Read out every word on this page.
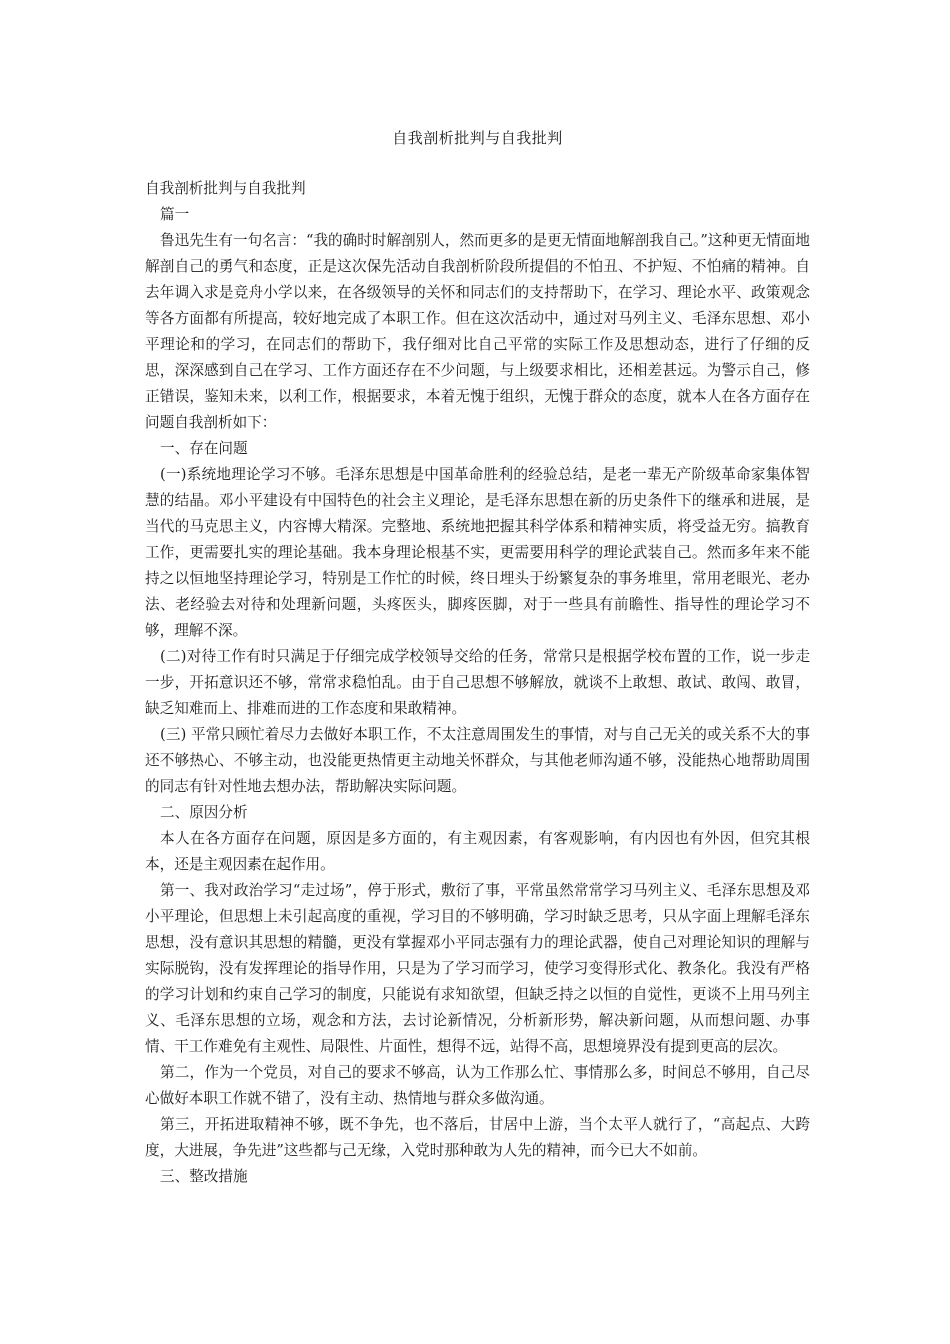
自我剖析批判与自我批判

自我剖析批判与自我批判

篇一

鲁迅先生有一句名言：“我的确时时解剖别人，然而更多的是更无情面地解剖我自己。”这种更无情面地解剖自己的勇气和态度，正是这次保先活动自我剖析阶段所提倡的不怕丑、不护短、不怕痛的精神。自去年调入求是竞舟小学以来，在各级领导的关怀和同志们的支持帮助下，在学习、理论水平、政策观念等各方面都有所提高，较好地完成了本职工作。但在这次活动中，通过对马列主义、毛泽东思想、邓小平理论和的学习，在同志们的帮助下，我仔细对比自己平常的实际工作及思想动态，进行了仔细的反思，深深感到自己在学习、工作方面还存在不少问题，与上级要求相比，还相差甚远。为警示自己，修正错误，鉴知未来，以利工作，根据要求，本着无愧于组织，无愧于群众的态度，就本人在各方面存在问题自我剖析如下：

一、存在问题

(一)系统地理论学习不够。毛泽东思想是中国革命胜利的经验总结，是老一辈无产阶级革命家集体智慧的结晶。邓小平建设有中国特色的社会主义理论，是毛泽东思想在新的历史条件下的继承和进展，是当代的马克思主义，内容博大精深。完整地、系统地把握其科学体系和精神实质，将受益无穷。搞教育工作，更需要扎实的理论基础。我本身理论根基不实，更需要用科学的理论武装自己。然而多年来不能持之以恒地坚持理论学习，特别是工作忙的时候，终日埋头于纷繁复杂的事务堆里，常用老眼光、老办法、老经验去对待和处理新问题，头疼医头，脚疼医脚，对于一些具有前瞻性、指导性的理论学习不够，理解不深。

(二)对待工作有时只满足于仔细完成学校领导交给的任务，常常只是根据学校布置的工作，说一步走一步，开拓意识还不够，常常求稳怕乱。由于自己思想不够解放，就谈不上敢想、敢试、敢闯、敢冒，缺乏知难而上、排难而进的工作态度和果敢精神。

(三) 平常只顾忙着尽力去做好本职工作，不太注意周围发生的事情，对与自己无关的或关系不大的事还不够热心、不够主动，也没能更热情更主动地关怀群众，与其他老师沟通不够，没能热心地帮助周围的同志有针对性地去想办法，帮助解决实际问题。

二、原因分析

本人在各方面存在问题，原因是多方面的，有主观因素，有客观影响，有内因也有外因，但究其根本，还是主观因素在起作用。

第一、我对政治学习“走过场”，停于形式，敷衍了事，平常虽然常常学习马列主义、毛泽东思想及邓小平理论，但思想上未引起高度的重视，学习目的不够明确，学习时缺乏思考，只从字面上理解毛泽东思想，没有意识其思想的精髓，更没有掌握邓小平同志强有力的理论武器，使自己对理论知识的理解与实际脱钩，没有发挥理论的指导作用，只是为了学习而学习，使学习变得形式化、教条化。我没有严格的学习计划和约束自己学习的制度，只能说有求知欲望，但缺乏持之以恒的自觉性，更谈不上用马列主义、毛泽东思想的立场，观念和方法，去讨论新情况，分析新形势，解决新问题，从而想问题、办事情、干工作难免有主观性、局限性、片面性，想得不远，站得不高，思想境界没有提到更高的层次。

第二，作为一个党员，对自己的要求不够高，认为工作那么忙、事情那么多，时间总不够用，自己尽心做好本职工作就不错了，没有主动、热情地与群众多做沟通。

第三，开拓进取精神不够，既不争先，也不落后，甘居中上游，当个太平人就行了，“高起点、大跨度，大进展，争先进”这些都与己无缘，入党时那种敢为人先的精神，而今已大不如前。

三、整改措施
